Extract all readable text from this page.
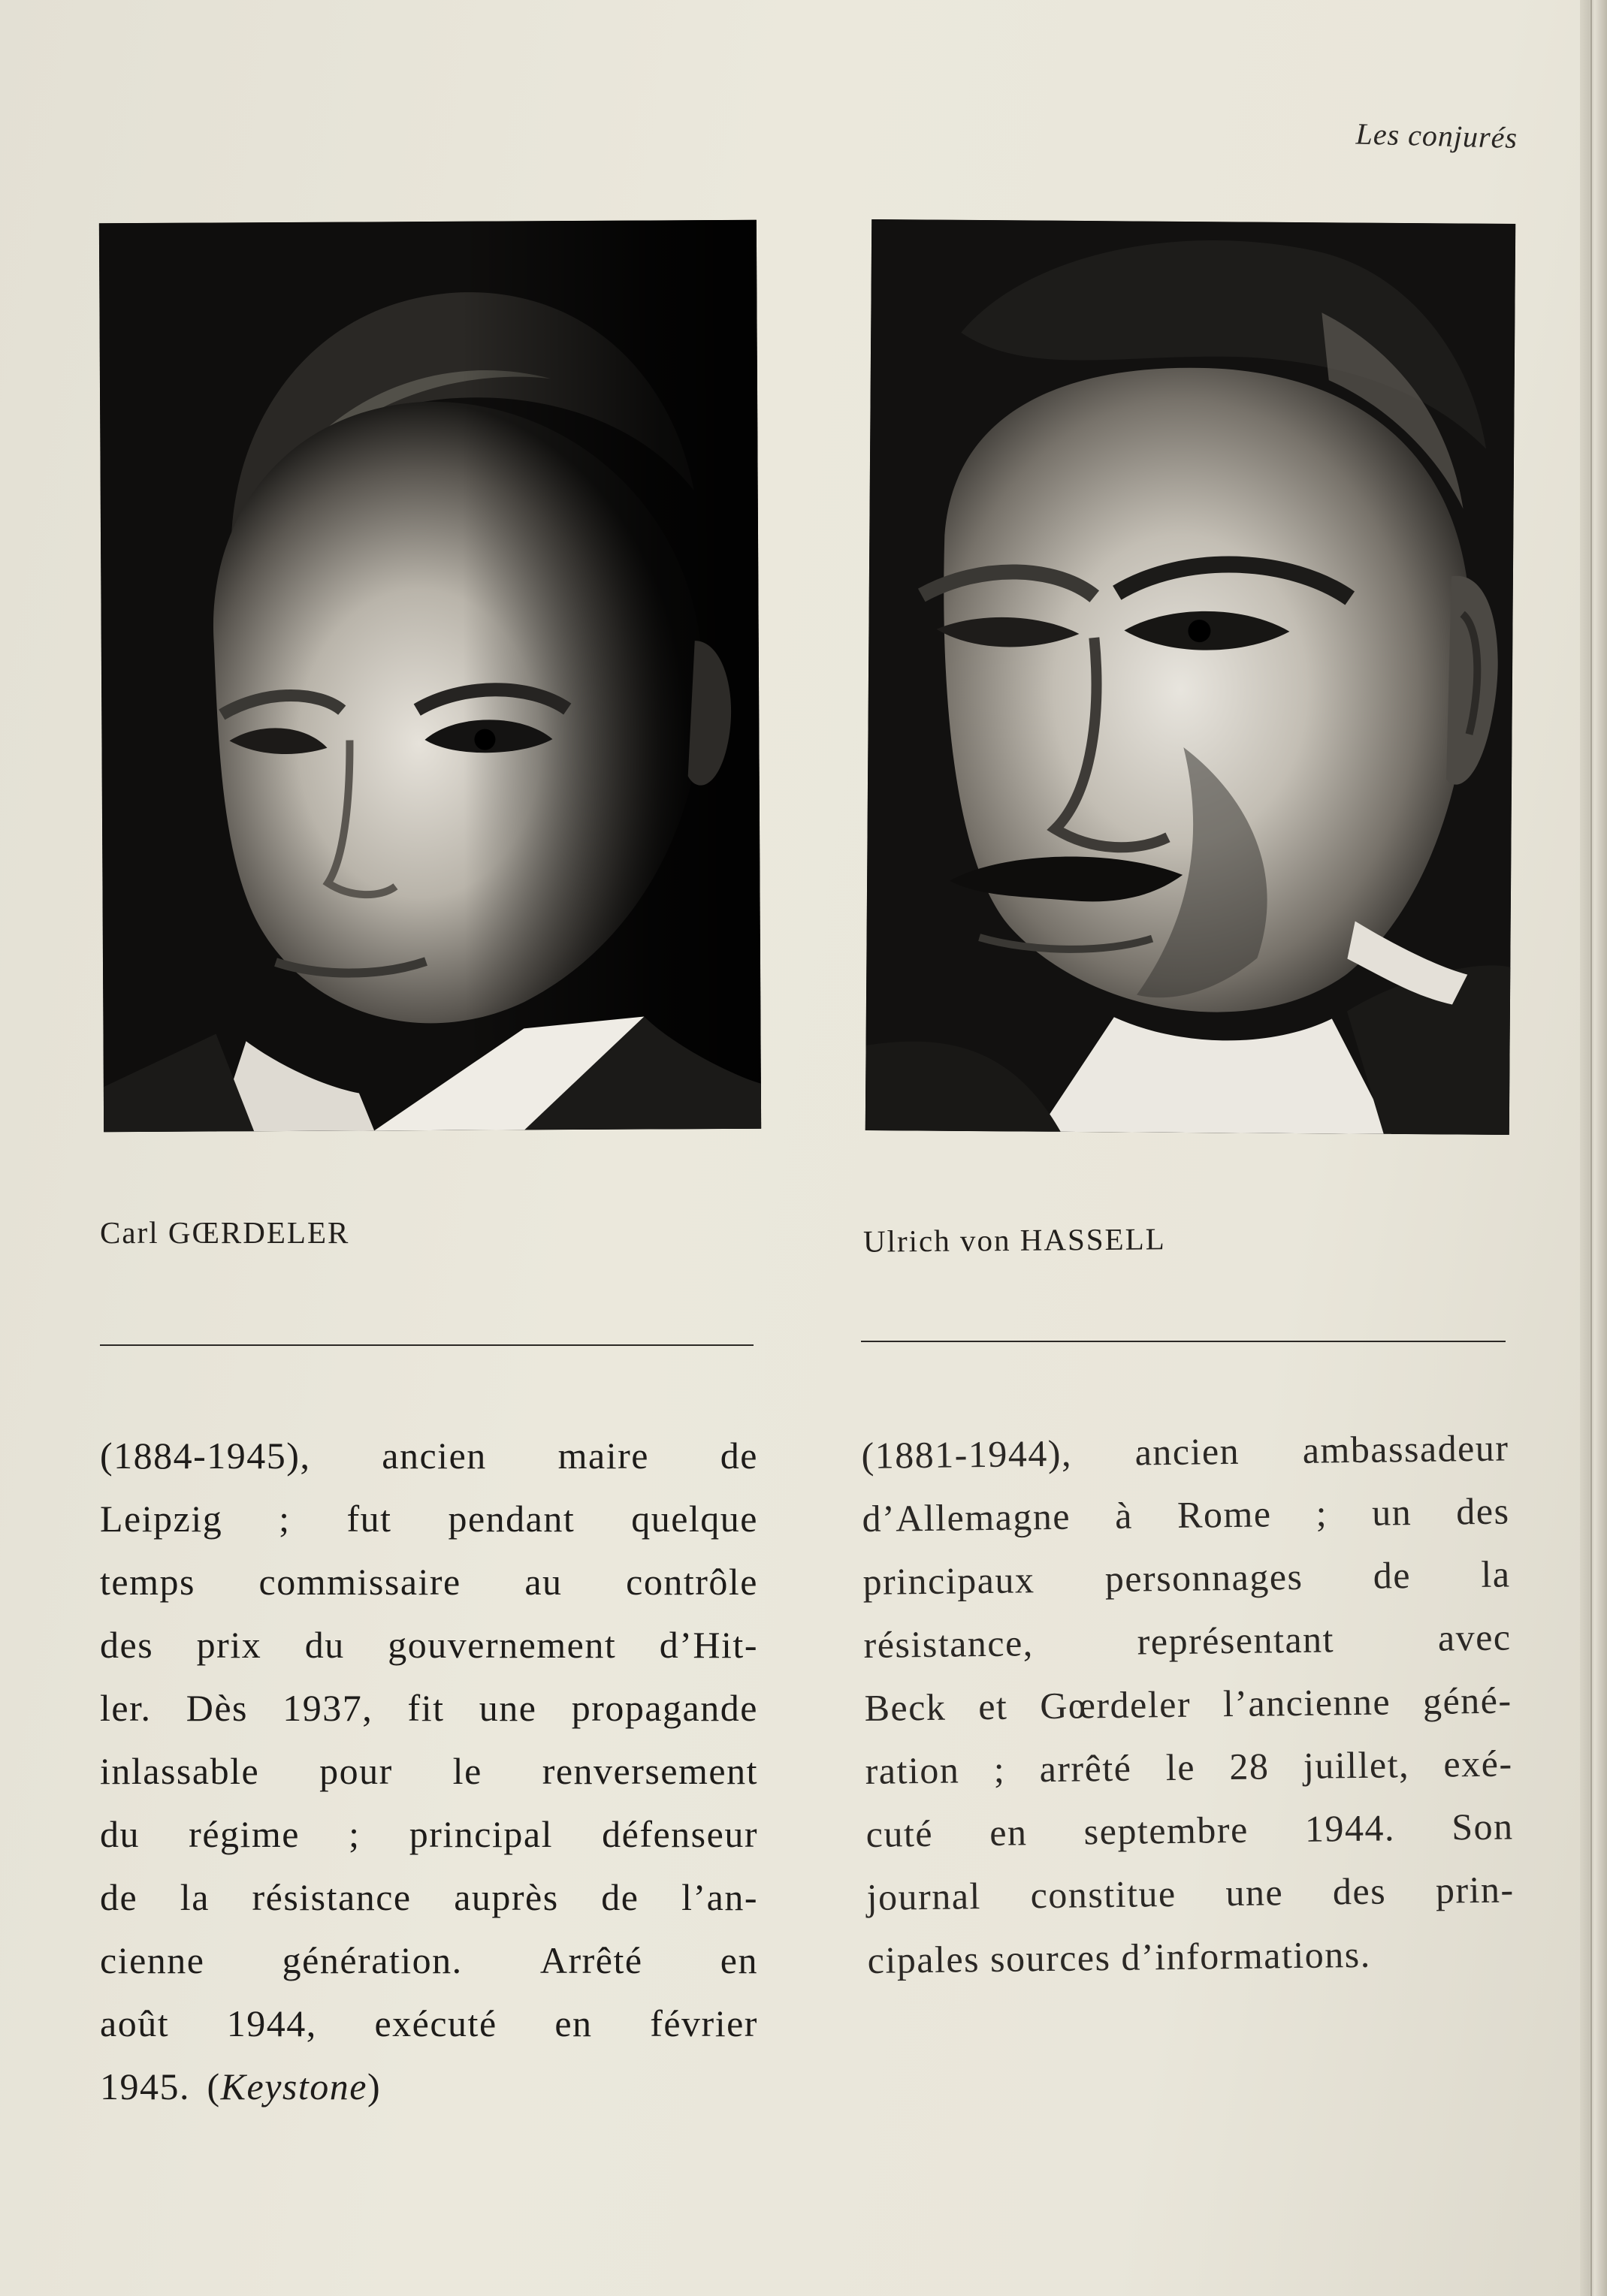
Les conjurés
Carl GŒRDELER	Ulrich von HASSELL
(1884-1945), ancien maire de
Leipzig ; fut pendant quelque
temps commissaire au contrôle
des prix du gouvernement d’Hit-
ler. Dès 1937, fit une propagande
inlassable pour le renversement
du régime ; principal défenseur
de la résistance auprès de l’an-
cienne génération. Arrêté en
août 1944, exécuté en février
1945. (Keystone)
(1881-1944), ancien ambassadeur
d’Allemagne à Rome ; un des
principaux personnages de la
résistance,	représentant	avec
Beck et Gœrdeler l’ancienne géné-
ration ; arrêté le 28 juillet, exé-
cuté en septembre 1944. Son
journal constitue une des prin-
cipales sources d’informations.
